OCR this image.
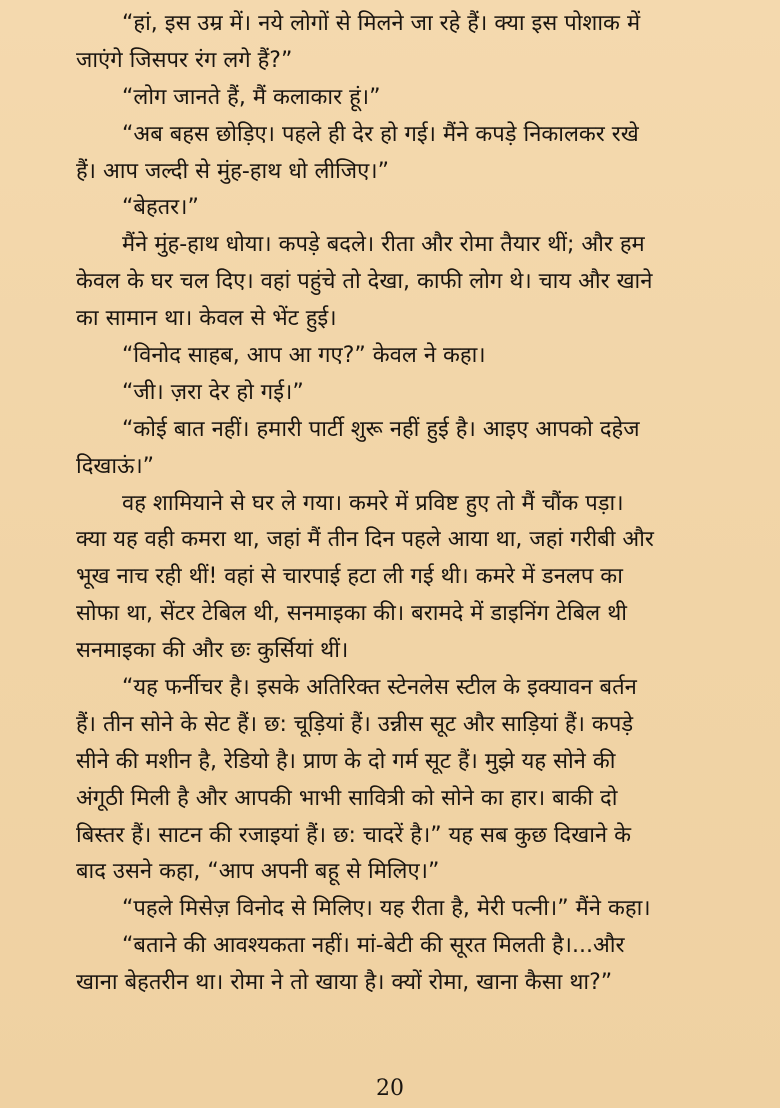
“हां, इस उम्र में। नये लोगों से मिलने जा रहे हैं। क्या इस पोशाक में
जाएंगे जिसपर रंग लगे हैं?”
“लोग जानते हैं, मैं कलाकार हूं।”
“अब बहस छोड़िए। पहले ही देर हो गई। मैंने कपड़े निकालकर रखे
हैं। आप जल्दी से मुंह-हाथ धो लीजिए।”
“बेहतर।”
मैंने मुंह-हाथ धोया। कपड़े बदले। रीता और रोमा तैयार थीं; और हम
केवल के घर चल दिए। वहां पहुंचे तो देखा, काफी लोग थे। चाय और खाने
का सामान था। केवल से भेंट हुई।
“विनोद साहब, आप आ गए?” केवल ने कहा।
“जी। ज़रा देर हो गई।”
“कोई बात नहीं। हमारी पार्टी शुरू नहीं हुई है। आइए आपको दहेज
दिखाऊं।”
वह शामियाने से घर ले गया। कमरे में प्रविष्ट हुए तो मैं चौंक पड़ा।
क्या यह वही कमरा था, जहां मैं तीन दिन पहले आया था, जहां गरीबी और
भूख नाच रही थीं! वहां से चारपाई हटा ली गई थी। कमरे में डनलप का
सोफा था, सेंटर टेबिल थी, सनमाइका की। बरामदे में डाइनिंग टेबिल थी
सनमाइका की और छः कुर्सियां थीं।
“यह फर्नीचर है। इसके अतिरिक्त स्टेनलेस स्टील के इक्यावन बर्तन
हैं। तीन सोने के सेट हैं। छ: चूड़ियां हैं। उन्नीस सूट और साड़ियां हैं। कपड़े
सीने की मशीन है, रेडियो है। प्राण के दो गर्म सूट हैं। मुझे यह सोने की
अंगूठी मिली है और आपकी भाभी सावित्री को सोने का हार। बाकी दो
बिस्तर हैं। साटन की रजाइयां हैं। छ: चादरें है।” यह सब कुछ दिखाने के
बाद उसने कहा, “आप अपनी बहू से मिलिए।”
“पहले मिसेज़ विनोद से मिलिए। यह रीता है, मेरी पत्नी।” मैंने कहा।
“बताने की आवश्यकता नहीं। मां-बेटी की सूरत मिलती है।...और
खाना बेहतरीन था। रोमा ने तो खाया है। क्यों रोमा, खाना कैसा था?”
20
